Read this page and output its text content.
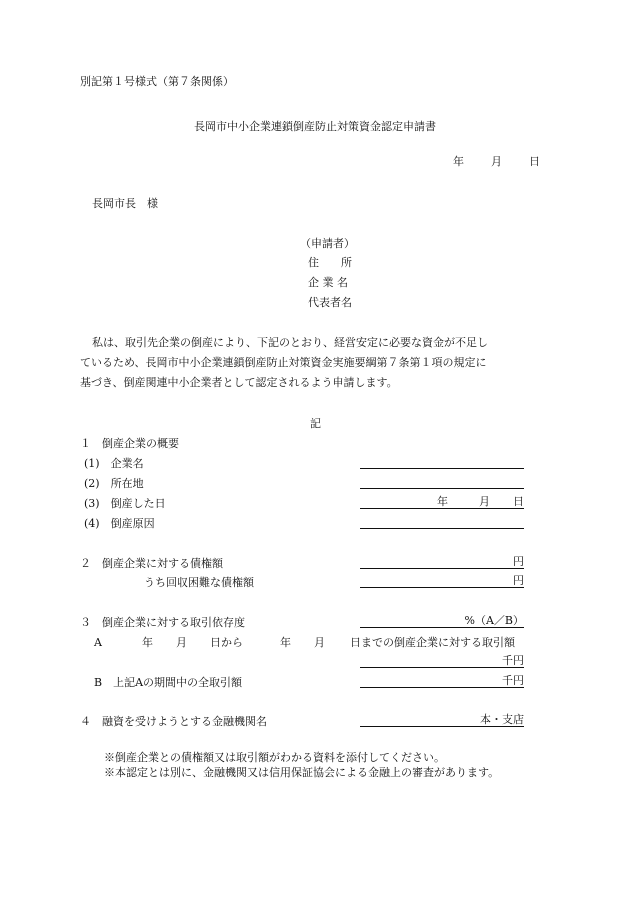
別記第１号様式（第７条関係）
長岡市中小企業連鎖倒産防止対策資金認定申請書
年 月 日
長岡市長　様
（申請者）
住　　所
企 業 名
代表者名
私は、取引先企業の倒産により、下記のとおり、経営安定に必要な資金が不足し
ているため、長岡市中小企業連鎖倒産防止対策資金実施要綱第７条第１項の規定に
基づき、倒産関連中小企業者として認定されるよう申請します。
記
１　倒産企業の概要
(1)　企業名
(2)　所在地
(3)　倒産した日	年	月 日
(4)　倒産原因
２　倒産企業に対する債権額	円
うち回収困難な債権額	円
３　倒産企業に対する取引依存度	%（A／B）
A	年 月 日から	年 月 日までの倒産企業に対する取引額
千円
B　上記Aの期間中の全取引額	千円
４　融資を受けようとする金融機関名	本・支店
※倒産企業との債権額又は取引額がわかる資料を添付してください。
※本認定とは別に、金融機関又は信用保証協会による金融上の審査があります。
